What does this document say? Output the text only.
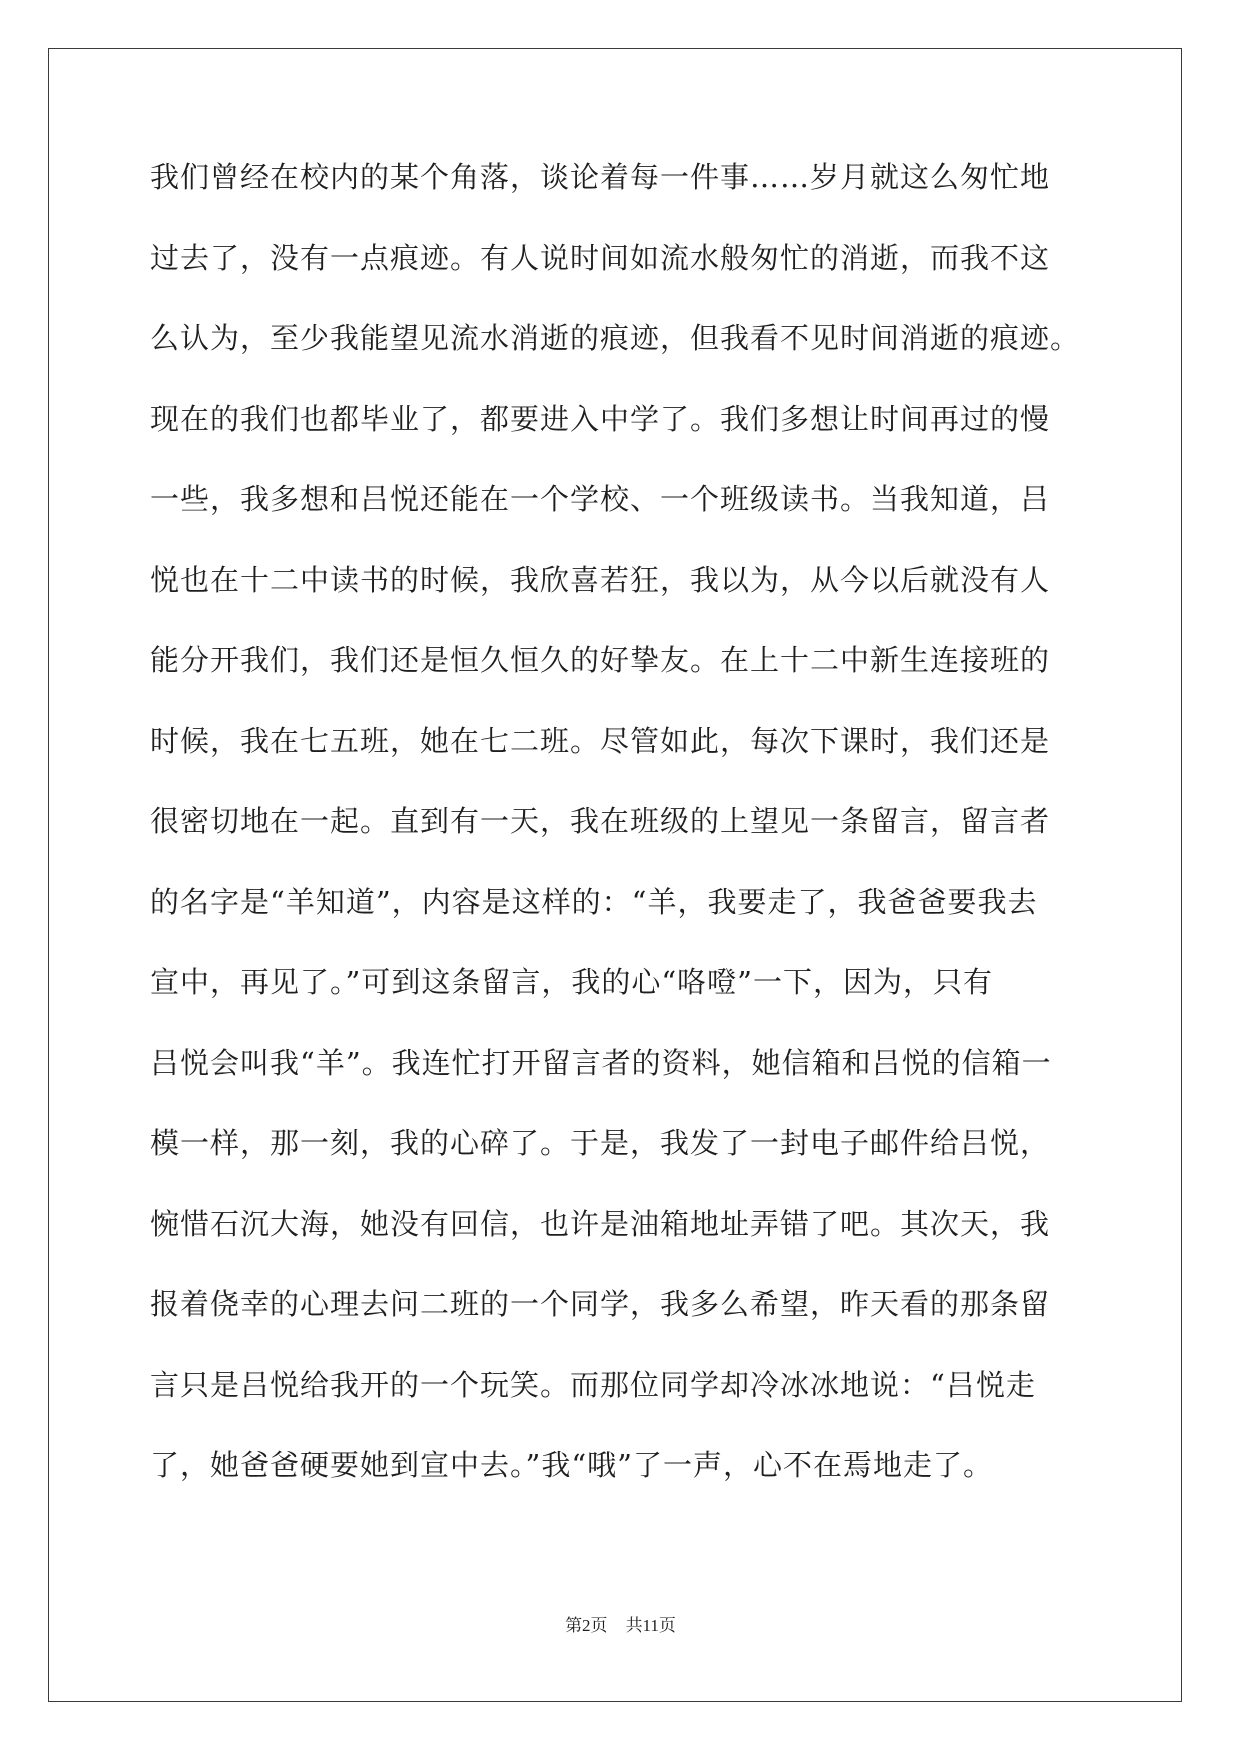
我们曾经在校内的某个角落，谈论着每一件事……岁月就这么匆忙地
过去了，没有一点痕迹。有人说时间如流水般匆忙的消逝，而我不这
么认为，至少我能望见流水消逝的痕迹，但我看不见时间消逝的痕迹。
现在的我们也都毕业了，都要进入中学了。我们多想让时间再过的慢
一些，我多想和吕悦还能在一个学校、一个班级读书。当我知道，吕
悦也在十二中读书的时候，我欣喜若狂，我以为，从今以后就没有人
能分开我们，我们还是恒久恒久的好挚友。在上十二中新生连接班的
时候，我在七五班，她在七二班。尽管如此，每次下课时，我们还是
很密切地在一起。直到有一天，我在班级的上望见一条留言，留言者
的名字是“羊知道”，内容是这样的：“羊，我要走了，我爸爸要我去
宣中，再见了。”可到这条留言，我的心“咯噔”一下，因为，只有
吕悦会叫我“羊”。我连忙打开留言者的资料，她信箱和吕悦的信箱一
模一样，那一刻，我的心碎了。于是，我发了一封电子邮件给吕悦，
惋惜石沉大海，她没有回信，也许是油箱地址弄错了吧。其次天，我
报着侥幸的心理去问二班的一个同学，我多么希望，昨天看的那条留
言只是吕悦给我开的一个玩笑。而那位同学却冷冰冰地说：“吕悦走
了，她爸爸硬要她到宣中去。”我“哦”了一声，心不在焉地走了。
第2页 共11页
